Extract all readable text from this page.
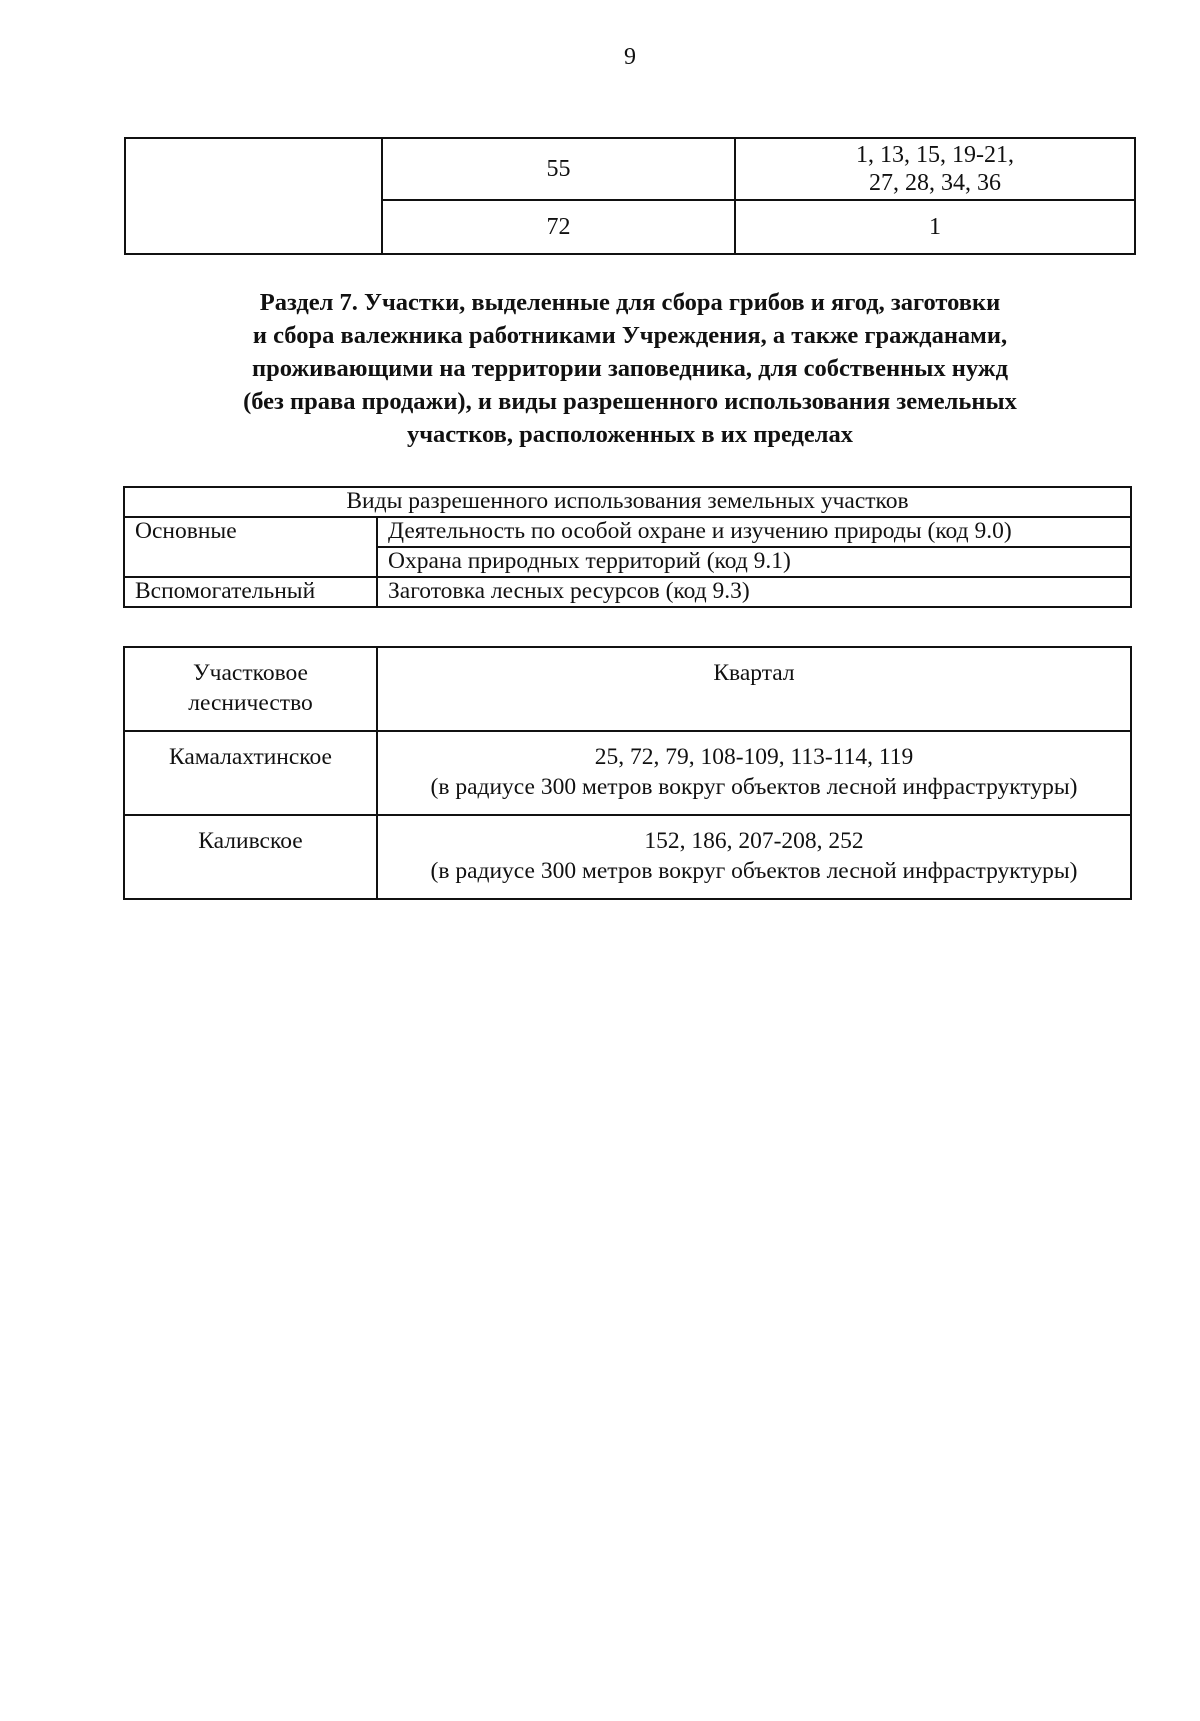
9
	55	1, 13, 15, 19-21,
27, 28, 34, 36

	72	1
Раздел 7. Участки, выделенные для сбора грибов и ягод, заготовки
и сбора валежника работниками Учреждения, а также гражданами,
проживающими на территории заповедника, для собственных нужд
(без права продажи), и виды разрешенного использования земельных
участков, расположенных в их пределах
Виды разрешенного использования земельных участков	
Основные	Деятельность по особой охране и изучению природы (код 9.0)
	Охрана природных территорий (код 9.1)
Вспомогательный	Заготовка лесных ресурсов (код 9.3)
Участковое
лесничество	Квартал
Камалахтинское	25, 72, 79, 108-109, 113-114, 119
(в радиусе 300 метров вокруг объектов лесной инфраструктуры)

Каливское	152, 186, 207-208, 252
(в радиусе 300 метров вокруг объектов лесной инфраструктуры)
